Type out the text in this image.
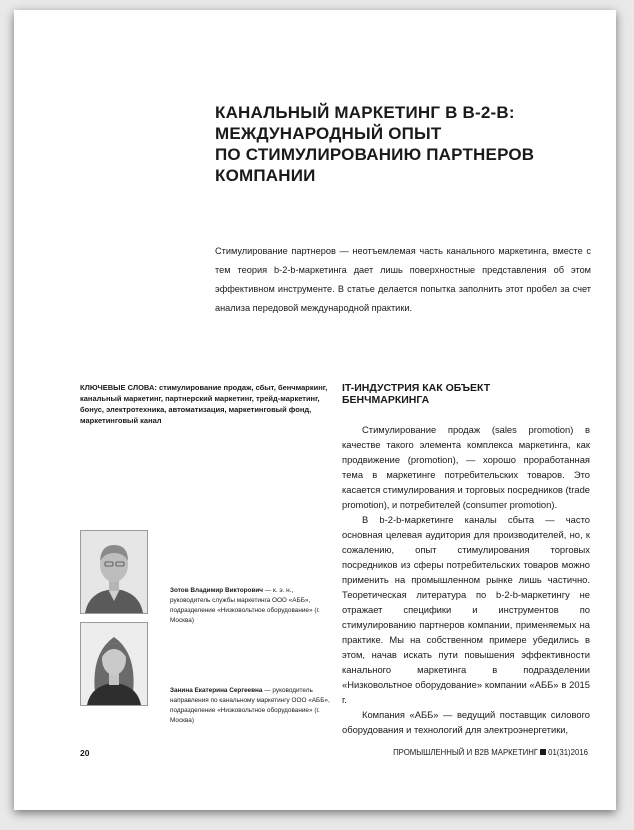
КАНАЛЬНЫЙ МАРКЕТИНГ В B-2-B:
МЕЖДУНАРОДНЫЙ ОПЫТ
ПО СТИМУЛИРОВАНИЮ ПАРТНЕРОВ
КОМПАНИИ

Стимулирование партнеров — неотъемлемая часть канального маркетинга, вместе с тем теория b-2-b-маркетинга дает лишь поверхностные представления об этом эффективном инструменте. В статье делается попытка заполнить этот пробел за счет анализа передовой международной практики.

КЛЮЧЕВЫЕ СЛОВА: стимулирование продаж, сбыт, бенчмаркинг, канальный маркетинг, партнерский маркетинг, трейд-маркетинг, бонус, электротехника, автоматизация, маркетинговый фонд, маркетинговый канал

Зотов Владимир Викторович — к. э. н., руководитель службы маркетинга ООО «АББ», подразделение «Низковольтное оборудование» (г. Москва)

Занина Екатерина Сергеевна — руководитель направления по канальному маркетингу ООО «АББ», подразделение «Низковольтное оборудование» (г. Москва)

IT-ИНДУСТРИЯ КАК ОБЪЕКТ
БЕНЧМАРКИНГА

Стимулирование продаж (sales promotion) в качестве такого элемента комплекса маркетинга, как продвижение (promotion), — хорошо проработанная тема в маркетинге потребительских товаров. Это касается стимулирования и торговых посредников (trade promotion), и потребителей (consumer promotion).

В b-2-b-маркетинге каналы сбыта — часто основная целевая аудитория для производителей, но, к сожалению, опыт стимулирования торговых посредников из сферы потребительских товаров можно применить на промышленном рынке лишь частично. Теоретическая литература по b-2-b-маркетингу не отражает специфики и инструментов по стимулированию партнеров компании, применяемых на практике. Мы на собственном примере убедились в этом, начав искать пути повышения эффективности канального маркетинга в подразделении «Низковольтное оборудование» компании «АББ» в 2015 г.

Компания «АББ» — ведущий поставщик силового оборудования и технологий для электроэнергетики,

20	ПРОМЫШЛЕННЫЙ И B2B МАРКЕТИНГ 01(31)2016
